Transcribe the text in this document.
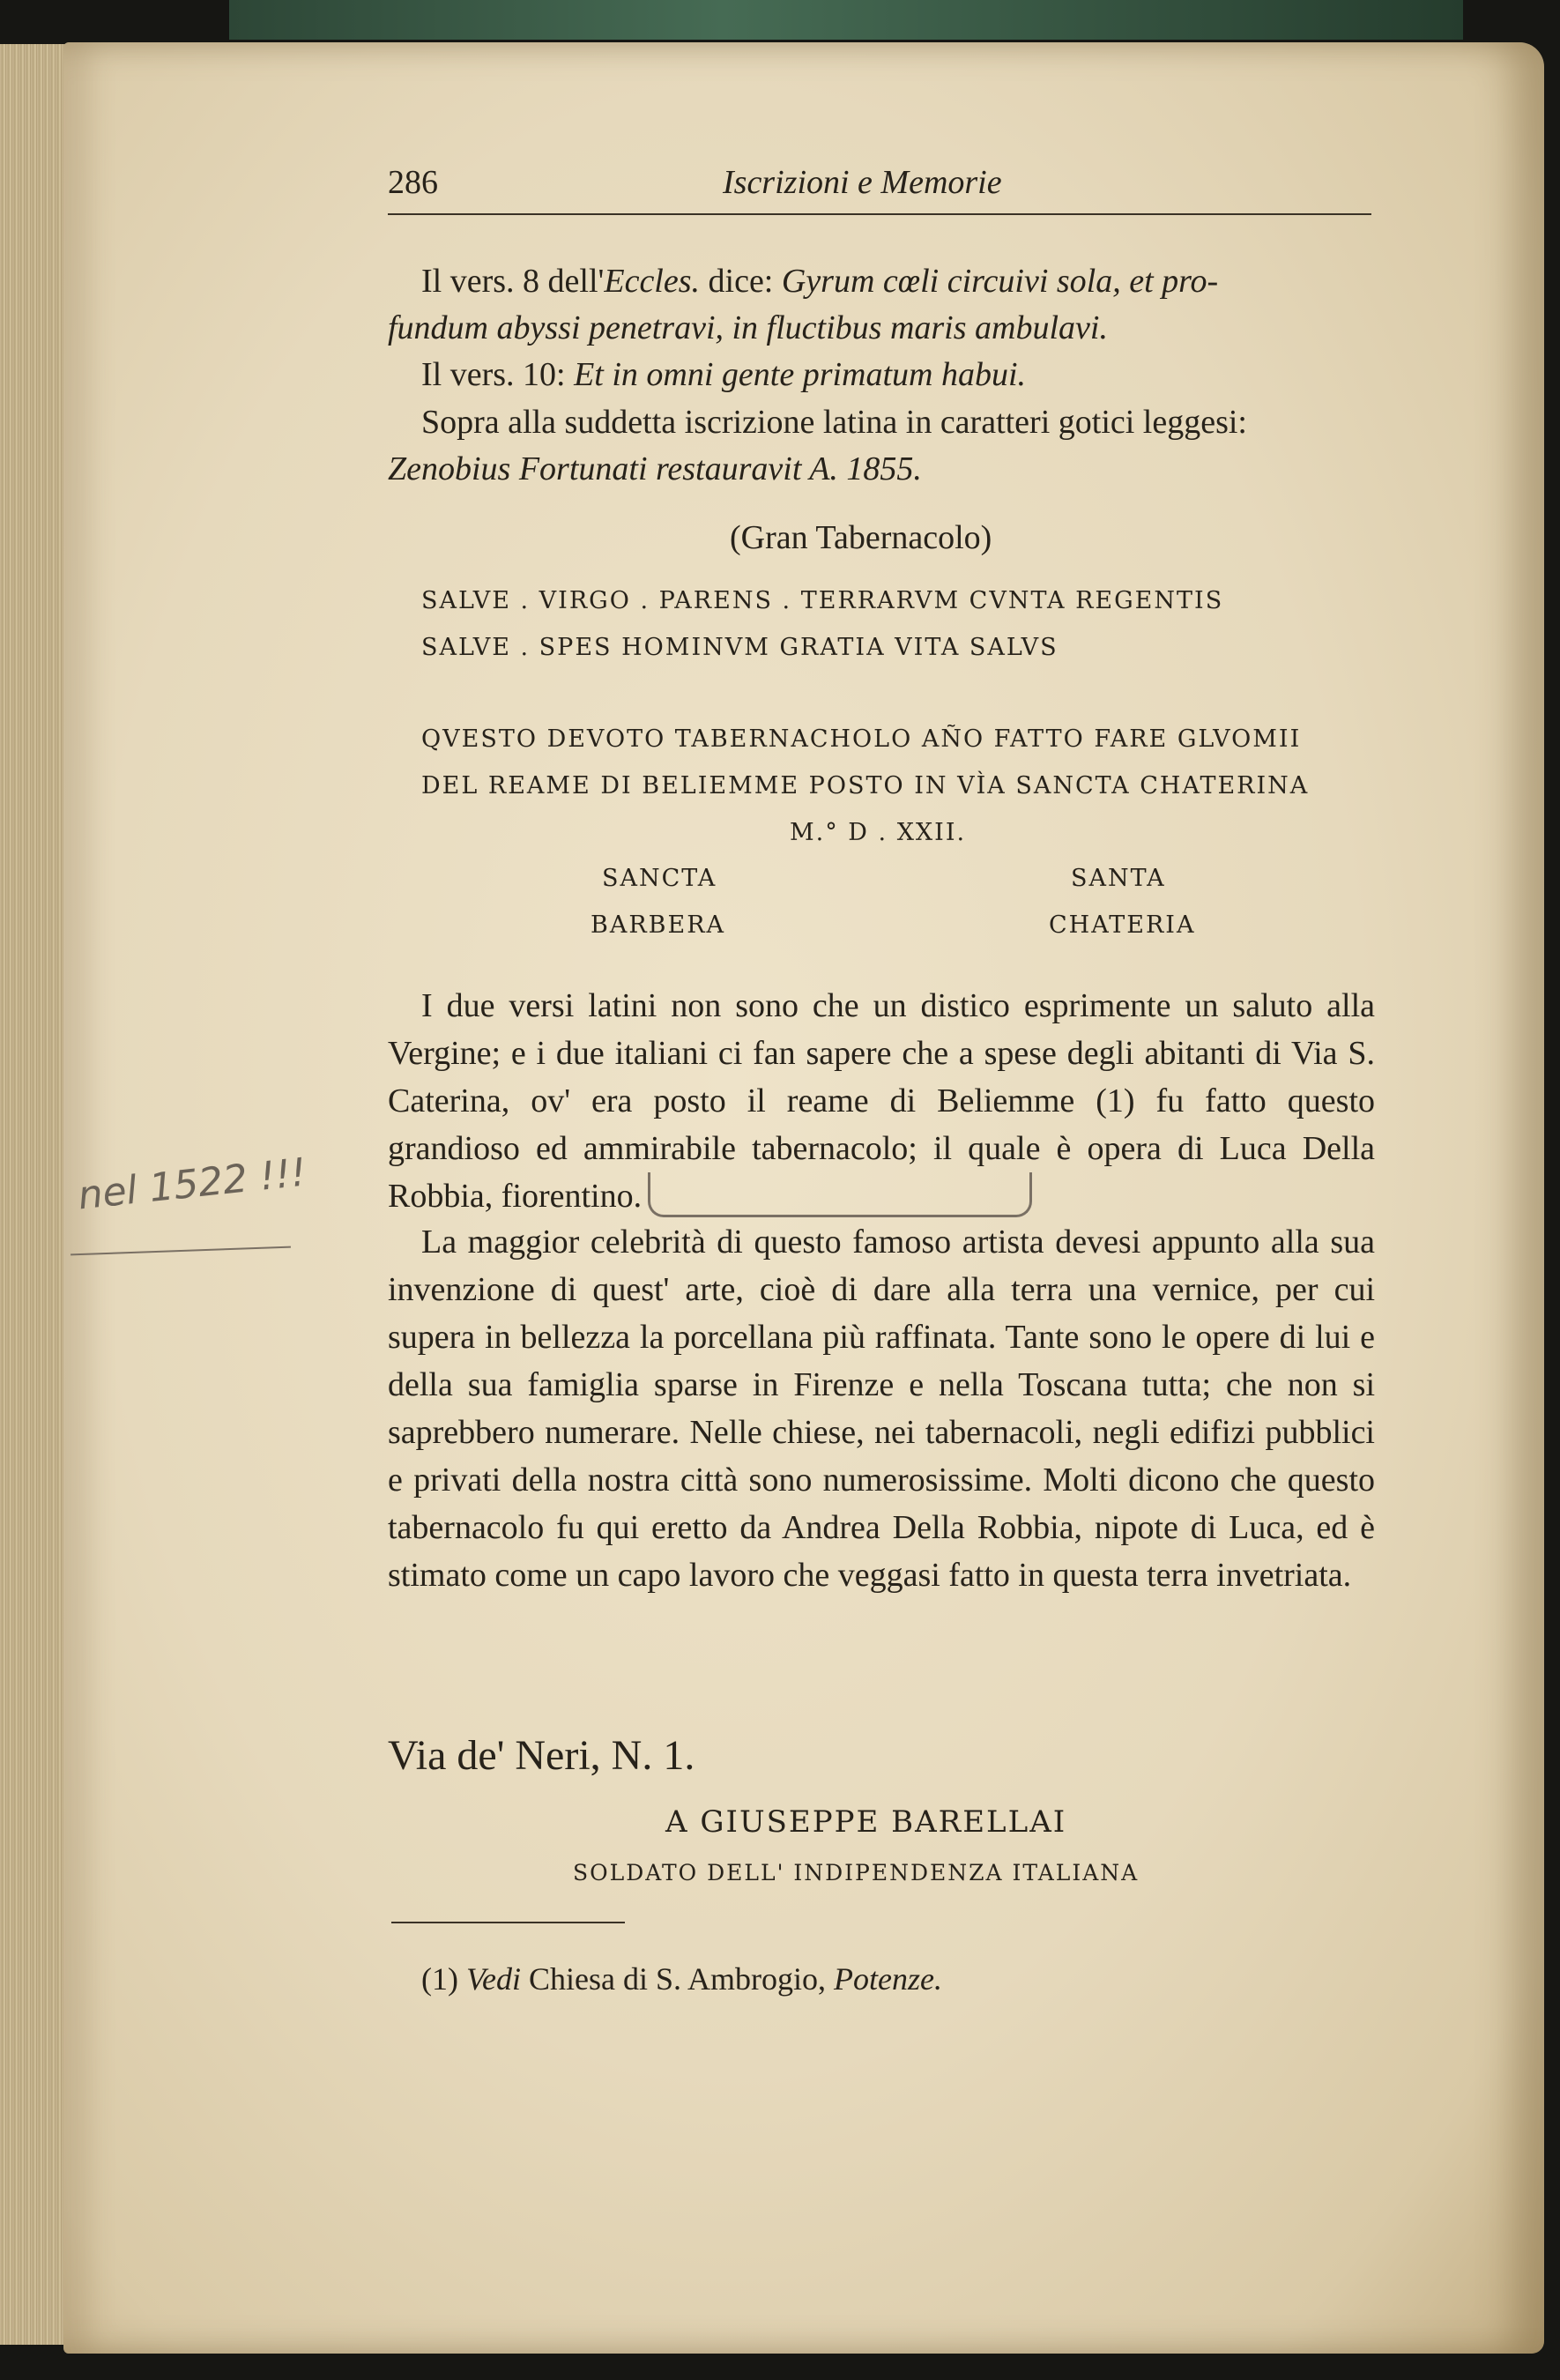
286	Iscrizioni e Memorie
Il vers. 8 dell'Eccles. dice: Gyrum cœli circuivi sola, et pro-
fundum abyssi penetravi, in fluctibus maris ambulavi.
Il vers. 10: Et in omni gente primatum habui.
Sopra alla suddetta iscrizione latina in caratteri gotici leggesi:
Zenobius Fortunati restauravit A. 1855.
(Gran Tabernacolo)
SALVE . VIRGO . PARENS . TERRARVM CVNTA REGENTIS
SALVE . SPES HOMINVM GRATIA VITA SALVS
QVESTO DEVOTO TABERNACHOLO AÑO FATTO FARE GLVOMII
DEL REAME DI BELIEMME POSTO IN VÌA SANCTA CHATERINA
M.° D . XXII.
SANCTA	SANTA
BARBERA	CHATERIA
I due versi latini non sono che un distico esprimente un saluto alla Vergine; e i due italiani ci fan sapere che a spese degli abitanti di Via S. Caterina, ov' era posto il reame di Beliemme (1) fu fatto questo grandioso ed ammirabile tabernacolo; il quale è opera di Luca Della Robbia, fiorentino.
La maggior celebrità di questo famoso artista devesi appunto alla sua invenzione di quest' arte, cioè di dare alla terra una vernice, per cui supera in bellezza la porcellana più raffinata. Tante sono le opere di lui e della sua famiglia sparse in Firenze e nella Toscana tutta; che non si saprebbero numerare. Nelle chiese, nei tabernacoli, negli edifizi pubblici e privati della nostra città sono numerosissime. Molti dicono che questo tabernacolo fu qui eretto da Andrea Della Robbia, nipote di Luca, ed è stimato come un capo lavoro che veggasi fatto in questa terra invetriata.
nel 1522 !!!
Via de' Neri, N. 1.
A GIUSEPPE BARELLAI
SOLDATO DELL' INDIPENDENZA ITALIANA
(1) Vedi Chiesa di S. Ambrogio, Potenze.
